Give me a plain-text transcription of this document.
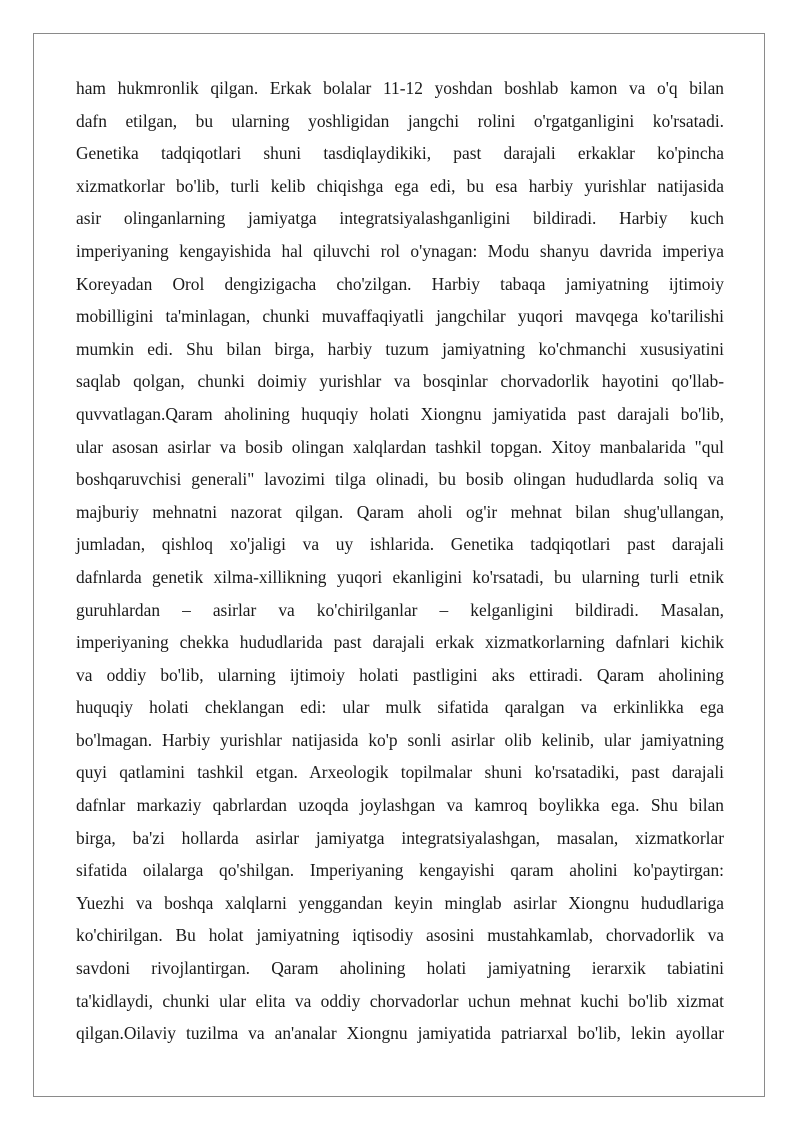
ham hukmronlik qilgan. Erkak bolalar 11-12 yoshdan boshlab kamon va o'q bilan
dafn etilgan, bu ularning yoshligidan jangchi rolini o'rgatganligini ko'rsatadi.
Genetika tadqiqotlari shuni tasdiqlaydikiki, past darajali erkaklar ko'pincha
xizmatkorlar bo'lib, turli kelib chiqishga ega edi, bu esa harbiy yurishlar natijasida
asir olinganlarning jamiyatga integratsiyalashganligini bildiradi. Harbiy kuch
imperiyaning kengayishida hal qiluvchi rol o'ynagan: Modu shanyu davrida imperiya
Koreyadan Orol dengizigacha cho'zilgan. Harbiy tabaqa jamiyatning ijtimoiy
mobilligini ta'minlagan, chunki muvaffaqiyatli jangchilar yuqori mavqega ko'tarilishi
mumkin edi. Shu bilan birga, harbiy tuzum jamiyatning ko'chmanchi xususiyatini
saqlab qolgan, chunki doimiy yurishlar va bosqinlar chorvadorlik hayotini qo'llab-
quvvatlagan.Qaram aholining huquqiy holati Xiongnu jamiyatida past darajali bo'lib,
ular asosan asirlar va bosib olingan xalqlardan tashkil topgan. Xitoy manbalarida "qul
boshqaruvchisi generali" lavozimi tilga olinadi, bu bosib olingan hududlarda soliq va
majburiy mehnatni nazorat qilgan. Qaram aholi og'ir mehnat bilan shug'ullangan,
jumladan, qishloq xo'jaligi va uy ishlarida. Genetika tadqiqotlari past darajali
dafnlarda genetik xilma-xillikning yuqori ekanligini ko'rsatadi, bu ularning turli etnik
guruhlardan – asirlar va ko'chirilganlar – kelganligini bildiradi. Masalan,
imperiyaning chekka hududlarida past darajali erkak xizmatkorlarning dafnlari kichik
va oddiy bo'lib, ularning ijtimoiy holati pastligini aks ettiradi. Qaram aholining
huquqiy holati cheklangan edi: ular mulk sifatida qaralgan va erkinlikka ega
bo'lmagan. Harbiy yurishlar natijasida ko'p sonli asirlar olib kelinib, ular jamiyatning
quyi qatlamini tashkil etgan. Arxeologik topilmalar shuni ko'rsatadiki, past darajali
dafnlar markaziy qabrlardan uzoqda joylashgan va kamroq boylikka ega. Shu bilan
birga, ba'zi hollarda asirlar jamiyatga integratsiyalashgan, masalan, xizmatkorlar
sifatida oilalarga qo'shilgan. Imperiyaning kengayishi qaram aholini ko'paytirgan:
Yuezhi va boshqa xalqlarni yenggandan keyin minglab asirlar Xiongnu hududlariga
ko'chirilgan. Bu holat jamiyatning iqtisodiy asosini mustahkamlab, chorvadorlik va
savdoni rivojlantirgan. Qaram aholining holati jamiyatning ierarxik tabiatini
ta'kidlaydi, chunki ular elita va oddiy chorvadorlar uchun mehnat kuchi bo'lib xizmat
qilgan.Oilaviy tuzilma va an'analar Xiongnu jamiyatida patriarxal bo'lib, lekin ayollar
